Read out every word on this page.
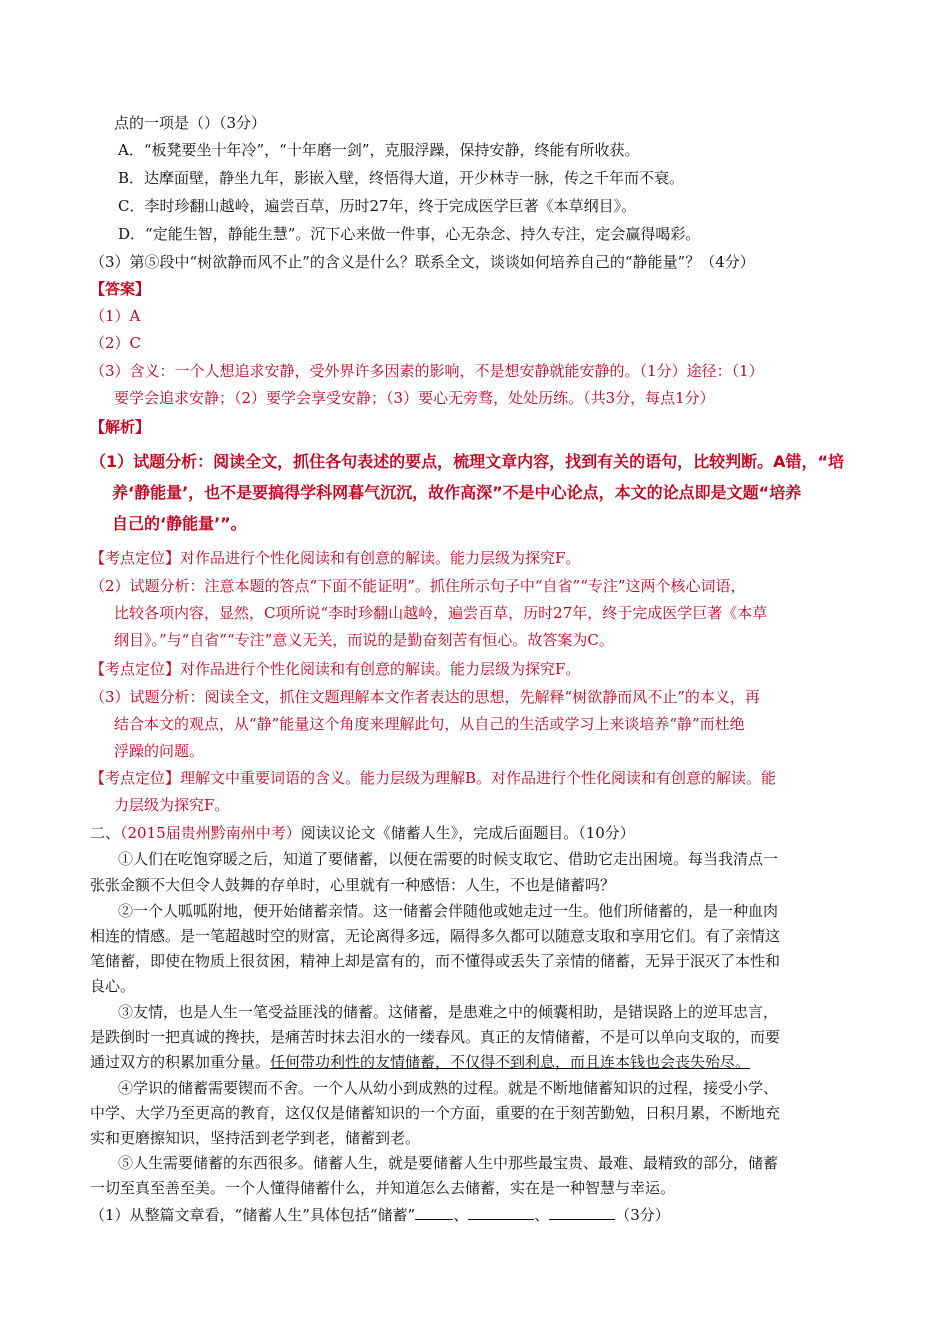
点的一项是（）（3分）
A．“板凳要坐十年冷”，“十年磨一剑”，克服浮躁，保持安静，终能有所收获。
B．达摩面壁，静坐九年，影嵌入壁，终悟得大道，开少林寺一脉，传之千年而不衰。
C．李时珍翻山越岭，遍尝百草，历时27年，终于完成医学巨著《本草纲目》。
D．“定能生智，静能生慧”。沉下心来做一件事，心无杂念、持久专注，定会赢得喝彩。
（3）第⑤段中“树欲静而风不止”的含义是什么？联系全文，谈谈如何培养自己的“静能量”？（4分）
【答案】
（1）A
（2）C
（3）含义：一个人想追求安静，受外界许多因素的影响，不是想安静就能安静的。（1分）途径：（1）
要学会追求安静；（2）要学会享受安静；（3）要心无旁骛，处处历练。（共3分，每点1分）
【解析】
（1）试题分析：阅读全文，抓住各句表述的要点，梳理文章内容，找到有关的语句，比较判断。A错，“培
养‘静能量’，也不是要搞得学科网暮气沉沉，故作高深”不是中心论点，本文的论点即是文题“培养
自己的‘静能量’”。
【考点定位】对作品进行个性化阅读和有创意的解读。能力层级为探究F。
（2）试题分析：注意本题的答点“下面不能证明”。抓住所示句子中“自省”“专注”这两个核心词语，
比较各项内容，显然，C项所说“李时珍翻山越岭，遍尝百草，历时27年，终于完成医学巨著《本草
纲目》。”与“自省”“专注”意义无关，而说的是勤奋刻苦有恒心。故答案为C。
【考点定位】对作品进行个性化阅读和有创意的解读。能力层级为探究F。
（3）试题分析：阅读全文，抓住文题理解本文作者表达的思想，先解释“树欲静而风不止”的本义，再
结合本文的观点，从“静”能量这个角度来理解此句，从自己的生活或学习上来谈培养“静”而杜绝
浮躁的问题。
【考点定位】理解文中重要词语的含义。能力层级为理解B。对作品进行个性化阅读和有创意的解读。能
力层级为探究F。
二、（2015届贵州黔南州中考）阅读议论文《储蓄人生》，完成后面题目。（10分）
①人们在吃饱穿暖之后，知道了要储蓄，以便在需要的时候支取它、借助它走出困境。每当我清点一
张张金额不大但令人鼓舞的存单时，心里就有一种感悟：人生，不也是储蓄吗？
②一个人呱呱附地，便开始储蓄亲情。这一储蓄会伴随他或她走过一生。他们所储蓄的，是一种血肉
相连的情感。是一笔超越时空的财富，无论离得多远，隔得多久都可以随意支取和享用它们。有了亲情这
笔储蓄，即使在物质上很贫困，精神上却是富有的，而不懂得或丢失了亲情的储蓄，无异于泯灭了本性和
良心。
③友情，也是人生一笔受益匪浅的储蓄。这储蓄，是患难之中的倾囊相助，是错误路上的逆耳忠言，
是跌倒时一把真诚的搀扶，是痛苦时抹去泪水的一缕春风。真正的友情储蓄，不是可以单向支取的，而要
通过双方的积累加重分量。任何带功利性的友情储蓄，不仅得不到利息，而且连本钱也会丧失殆尽。
④学识的储蓄需要锲而不舍。一个人从幼小到成熟的过程。就是不断地储蓄知识的过程，接受小学、
中学、大学乃至更高的教育，这仅仅是储蓄知识的一个方面，重要的在于刻苦勤勉，日积月累，不断地充
实和更磨擦知识，坚持活到老学到老，储蓄到老。
⑤人生需要储蓄的东西很多。储蓄人生，就是要储蓄人生中那些最宝贵、最难、最精致的部分，储蓄
一切至真至善至美。一个人懂得储蓄什么，并知道怎么去储蓄，实在是一种智慧与幸运。
（1）从整篇文章看，“储蓄人生”具体包括“储蓄”	、	、	（3分）
